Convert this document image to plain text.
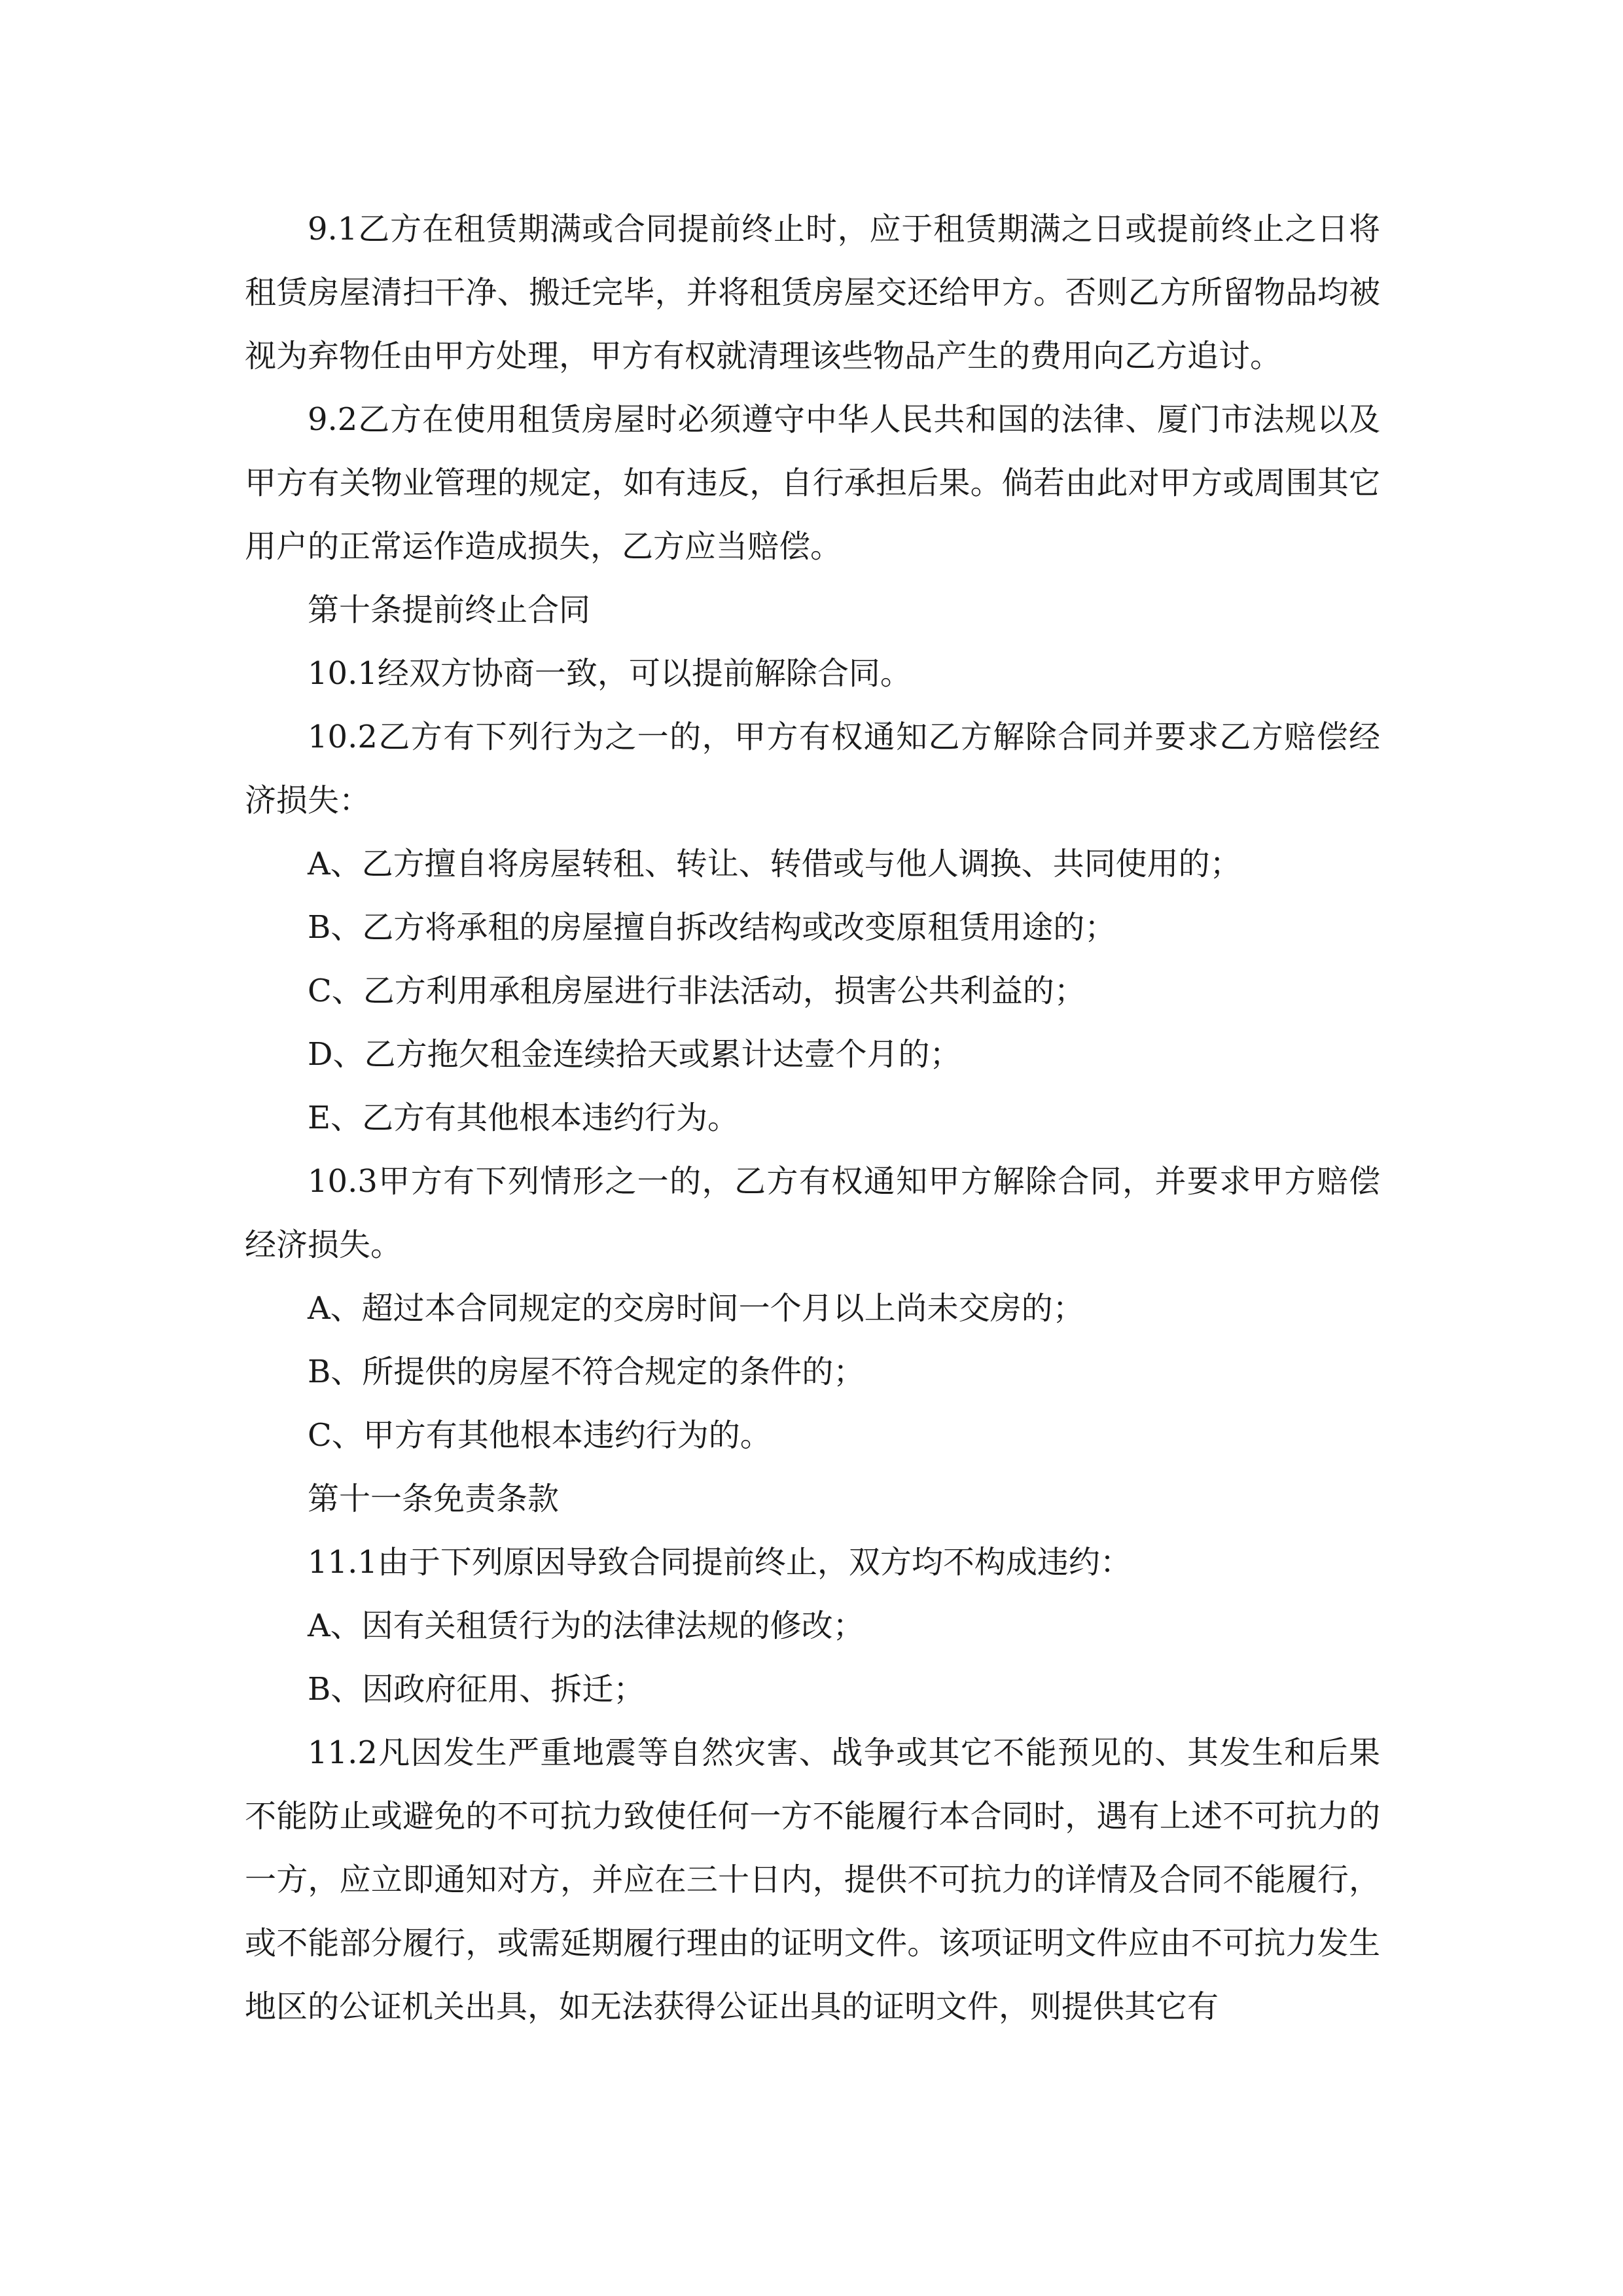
9.1乙方在租赁期满或合同提前终止时，应于租赁期满之日或提前终止之日将租赁房屋清扫干净、搬迁完毕，并将租赁房屋交还给甲方。否则乙方所留物品均被视为弃物任由甲方处理，甲方有权就清理该些物品产生的费用向乙方追讨。

9.2乙方在使用租赁房屋时必须遵守中华人民共和国的法律、厦门市法规以及甲方有关物业管理的规定，如有违反，自行承担后果。倘若由此对甲方或周围其它用户的正常运作造成损失，乙方应当赔偿。

第十条提前终止合同

10.1经双方协商一致，可以提前解除合同。

10.2乙方有下列行为之一的，甲方有权通知乙方解除合同并要求乙方赔偿经济损失：

A、乙方擅自将房屋转租、转让、转借或与他人调换、共同使用的；

B、乙方将承租的房屋擅自拆改结构或改变原租赁用途的；

C、乙方利用承租房屋进行非法活动，损害公共利益的；

D、乙方拖欠租金连续拾天或累计达壹个月的；

E、乙方有其他根本违约行为。

10.3甲方有下列情形之一的，乙方有权通知甲方解除合同，并要求甲方赔偿经济损失。

A、超过本合同规定的交房时间一个月以上尚未交房的；

B、所提供的房屋不符合规定的条件的；

C、甲方有其他根本违约行为的。

第十一条免责条款

11.1由于下列原因导致合同提前终止，双方均不构成违约：

A、因有关租赁行为的法律法规的修改；

B、因政府征用、拆迁；

11.2凡因发生严重地震等自然灾害、战争或其它不能预见的、其发生和后果不能防止或避免的不可抗力致使任何一方不能履行本合同时，遇有上述不可抗力的一方，应立即通知对方，并应在三十日内，提供不可抗力的详情及合同不能履行，或不能部分履行，或需延期履行理由的证明文件。该项证明文件应由不可抗力发生地区的公证机关出具，如无法获得公证出具的证明文件，则提供其它有
